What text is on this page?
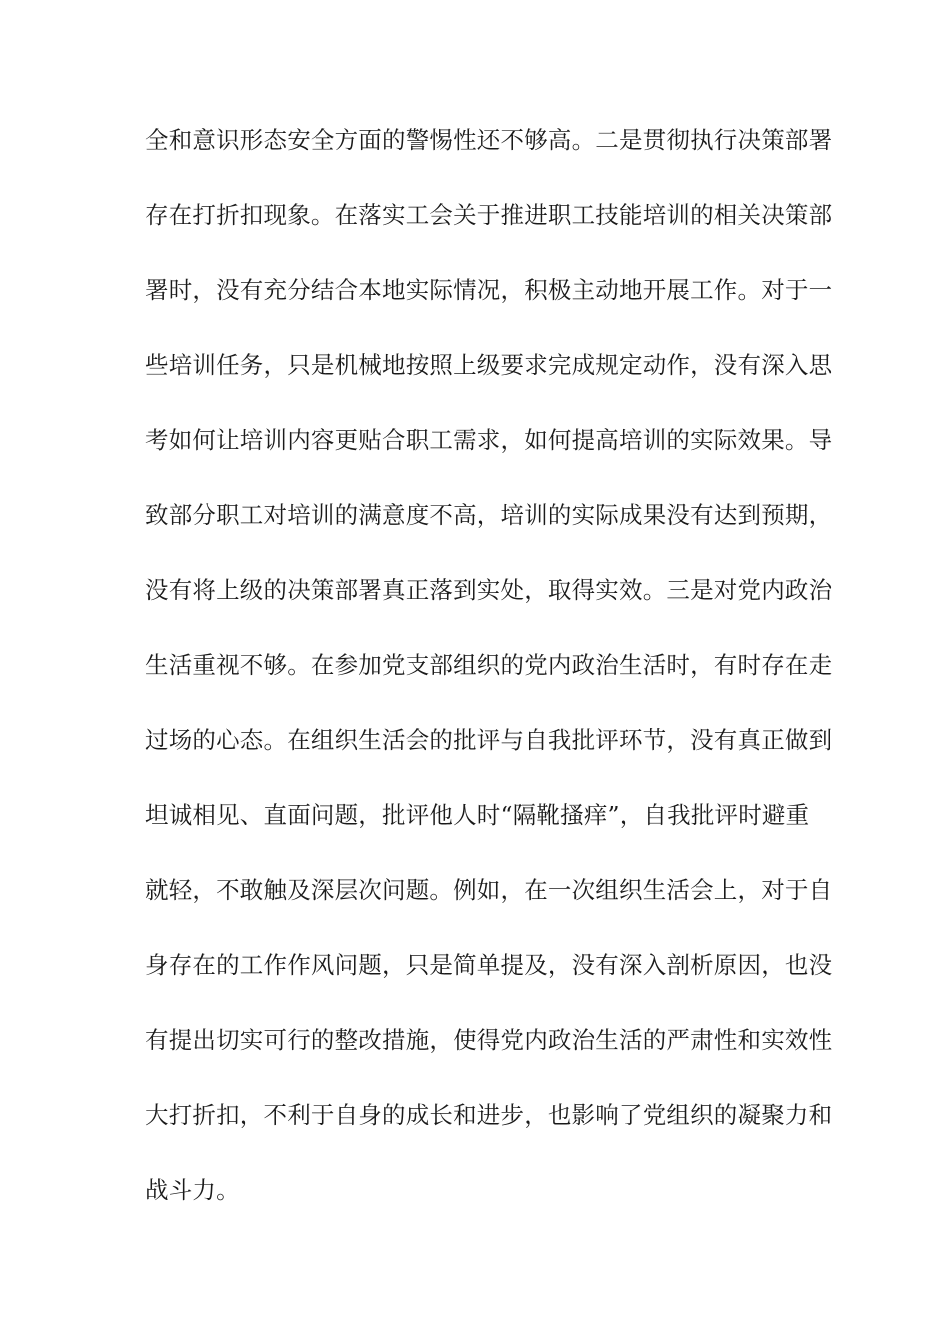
全和意识形态安全方面的警惕性还不够高。二是贯彻执行决策部署
存在打折扣现象。在落实工会关于推进职工技能培训的相关决策部
署时，没有充分结合本地实际情况，积极主动地开展工作。对于一
些培训任务，只是机械地按照上级要求完成规定动作，没有深入思
考如何让培训内容更贴合职工需求，如何提高培训的实际效果。导
致部分职工对培训的满意度不高，培训的实际成果没有达到预期，
没有将上级的决策部署真正落到实处，取得实效。三是对党内政治
生活重视不够。在参加党支部组织的党内政治生活时，有时存在走
过场的心态。在组织生活会的批评与自我批评环节，没有真正做到
坦诚相见、直面问题，批评他人时“隔靴搔痒”，自我批评时避重
就轻，不敢触及深层次问题。例如，在一次组织生活会上，对于自
身存在的工作作风问题，只是简单提及，没有深入剖析原因，也没
有提出切实可行的整改措施，使得党内政治生活的严肃性和实效性
大打折扣，不利于自身的成长和进步，也影响了党组织的凝聚力和
战斗力。
